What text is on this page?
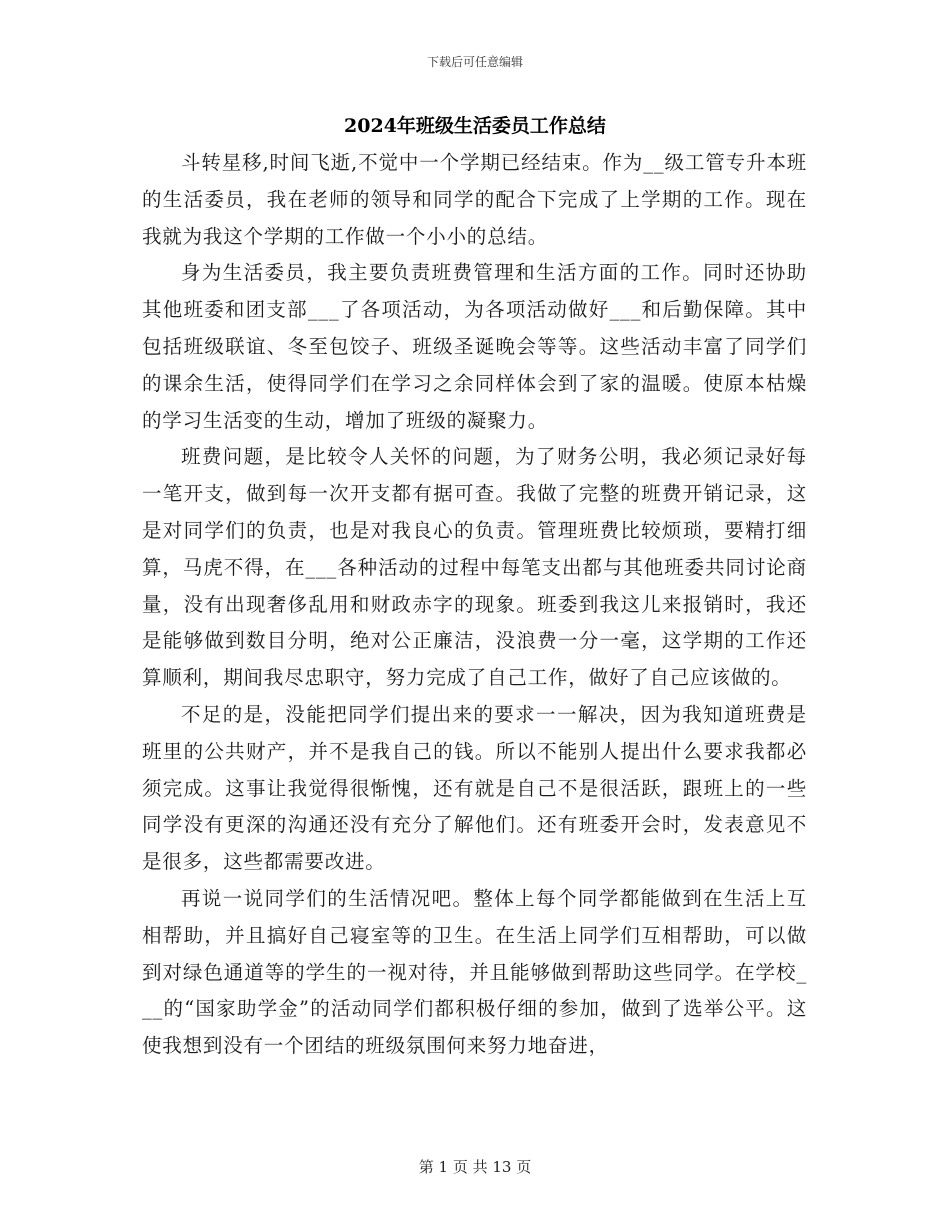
下载后可任意编辑
2024年班级生活委员工作总结

斗转星移,时间飞逝,不觉中一个学期已经结束。作为__级工管专升本班的生活委员，我在老师的领导和同学的配合下完成了上学期的工作。现在我就为我这个学期的工作做一个小小的总结。

身为生活委员，我主要负责班费管理和生活方面的工作。同时还协助其他班委和团支部___了各项活动，为各项活动做好___和后勤保障。其中包括班级联谊、冬至包饺子、班级圣诞晚会等等。这些活动丰富了同学们的课余生活，使得同学们在学习之余同样体会到了家的温暖。使原本枯燥的学习生活变的生动，增加了班级的凝聚力。

班费问题，是比较令人关怀的问题，为了财务公明，我必须记录好每一笔开支，做到每一次开支都有据可查。我做了完整的班费开销记录，这是对同学们的负责，也是对我良心的负责。管理班费比较烦琐，要精打细算，马虎不得，在___各种活动的过程中每笔支出都与其他班委共同讨论商量，没有出现奢侈乱用和财政赤字的现象。班委到我这儿来报销时，我还是能够做到数目分明，绝对公正廉洁，没浪费一分一毫，这学期的工作还算顺利，期间我尽忠职守，努力完成了自己工作，做好了自己应该做的。

不足的是，没能把同学们提出来的要求一一解决，因为我知道班费是班里的公共财产，并不是我自己的钱。所以不能别人提出什么要求我都必须完成。这事让我觉得很惭愧，还有就是自己不是很活跃，跟班上的一些同学没有更深的沟通还没有充分了解他们。还有班委开会时，发表意见不是很多，这些都需要改进。

再说一说同学们的生活情况吧。整体上每个同学都能做到在生活上互相帮助，并且搞好自己寝室等的卫生。在生活上同学们互相帮助，可以做到对绿色通道等的学生的一视对待，并且能够做到帮助这些同学。在学校___的“国家助学金”的活动同学们都积极仔细的参加，做到了选举公平。这使我想到没有一个团结的班级氛围何来努力地奋进，

第 1 页 共 13 页
